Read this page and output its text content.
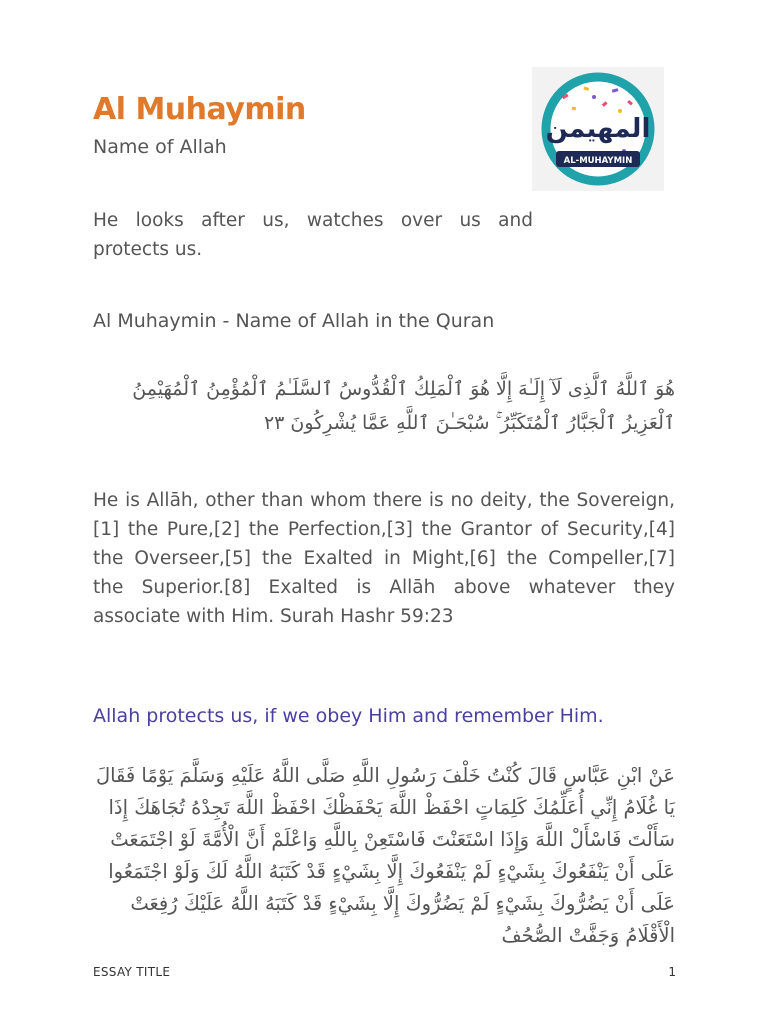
Al Muhaymin

Name of Allah

المهيمن
AL-MUHAYMIN

He looks after us, watches over us and protects us.

Al Muhaymin - Name of Allah in the Quran

هُوَ ٱللَّهُ ٱلَّذِى لَآ إِلَـٰهَ إِلَّا هُوَ ٱلْمَلِكُ ٱلْقُدُّوسُ ٱلسَّلَـٰمُ ٱلْمُؤْمِنُ ٱلْمُهَيْمِنُ ٱلْعَزِيزُ ٱلْجَبَّارُ ٱلْمُتَكَبِّرُ ۚ سُبْحَـٰنَ ٱللَّهِ عَمَّا يُشْرِكُونَ ٢٣

He is Allāh, other than whom there is no deity, the Sovereign,[1] the Pure,[2] the Perfection,[3] the Grantor of Security,[4] the Overseer,[5] the Exalted in Might,[6] the Compeller,[7] the Superior.[8] Exalted is Allāh above whatever they associate with Him. Surah Hashr 59:23

Allah protects us, if we obey Him and remember Him.

عَنْ ابْنِ عَبَّاسٍ قَالَ كُنْتُ خَلْفَ رَسُولِ اللَّهِ صَلَّى اللَّهُ عَلَيْهِ وَسَلَّمَ يَوْمًا فَقَالَ يَا غُلَامُ إِنِّي أُعَلِّمُكَ كَلِمَاتٍ احْفَظْ اللَّهَ يَحْفَظْكَ احْفَظْ اللَّهَ تَجِدْهُ تُجَاهَكَ إِذَا سَأَلْتَ فَاسْأَلْ اللَّهَ وَإِذَا اسْتَعَنْتَ فَاسْتَعِنْ بِاللَّهِ وَاعْلَمْ أَنَّ الْأُمَّةَ لَوْ اجْتَمَعَتْ عَلَى أَنْ يَنْفَعُوكَ بِشَيْءٍ لَمْ يَنْفَعُوكَ إِلَّا بِشَيْءٍ قَدْ كَتَبَهُ اللَّهُ لَكَ وَلَوْ اجْتَمَعُوا عَلَى أَنْ يَضُرُّوكَ بِشَيْءٍ لَمْ يَضُرُّوكَ إِلَّا بِشَيْءٍ قَدْ كَتَبَهُ اللَّهُ عَلَيْكَ رُفِعَتْ الْأَقْلَامُ وَجَفَّتْ الصُّحُفُ

ESSAY TITLE	1
